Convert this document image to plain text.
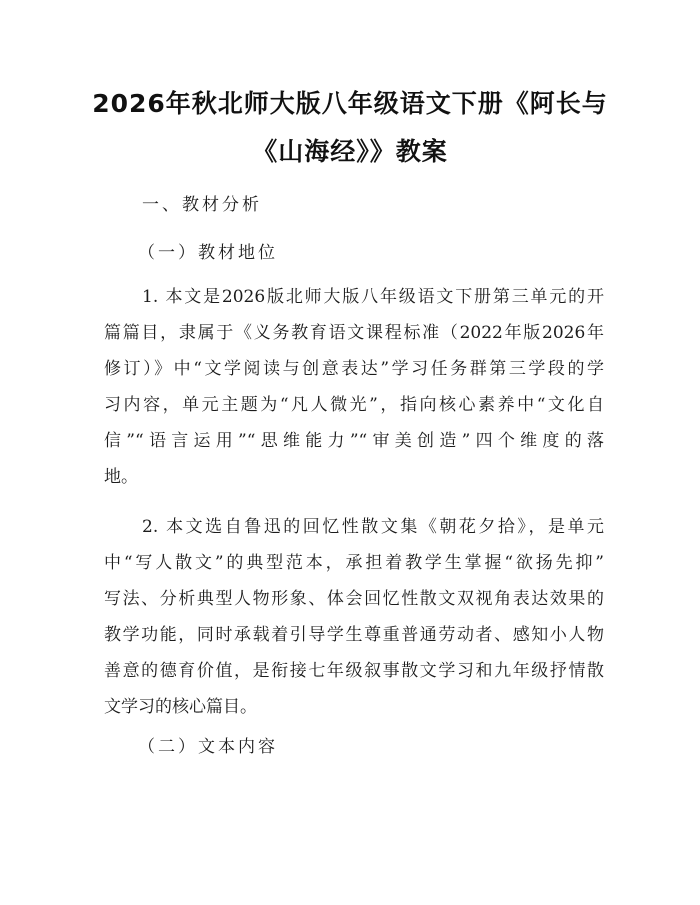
2026年秋北师大版八年级语文下册《阿长与
《山海经》》教案
一、教材分析
（一）教材地位
1. 本文是2026版北师大版八年级语文下册第三单元的开
篇篇目，隶属于《义务教育语文课程标准（2022年版2026年
修订）》中“文学阅读与创意表达”学习任务群第三学段的学
习内容，单元主题为“凡人微光”，指向核心素养中“文化自
信”“语言运用”“思维能力”“审美创造”四个维度的落
地。
2. 本文选自鲁迅的回忆性散文集《朝花夕拾》，是单元
中“写人散文”的典型范本，承担着教学生掌握“欲扬先抑”
写法、分析典型人物形象、体会回忆性散文双视角表达效果的
教学功能，同时承载着引导学生尊重普通劳动者、感知小人物
善意的德育价值，是衔接七年级叙事散文学习和九年级抒情散
文学习的核心篇目。
（二）文本内容
